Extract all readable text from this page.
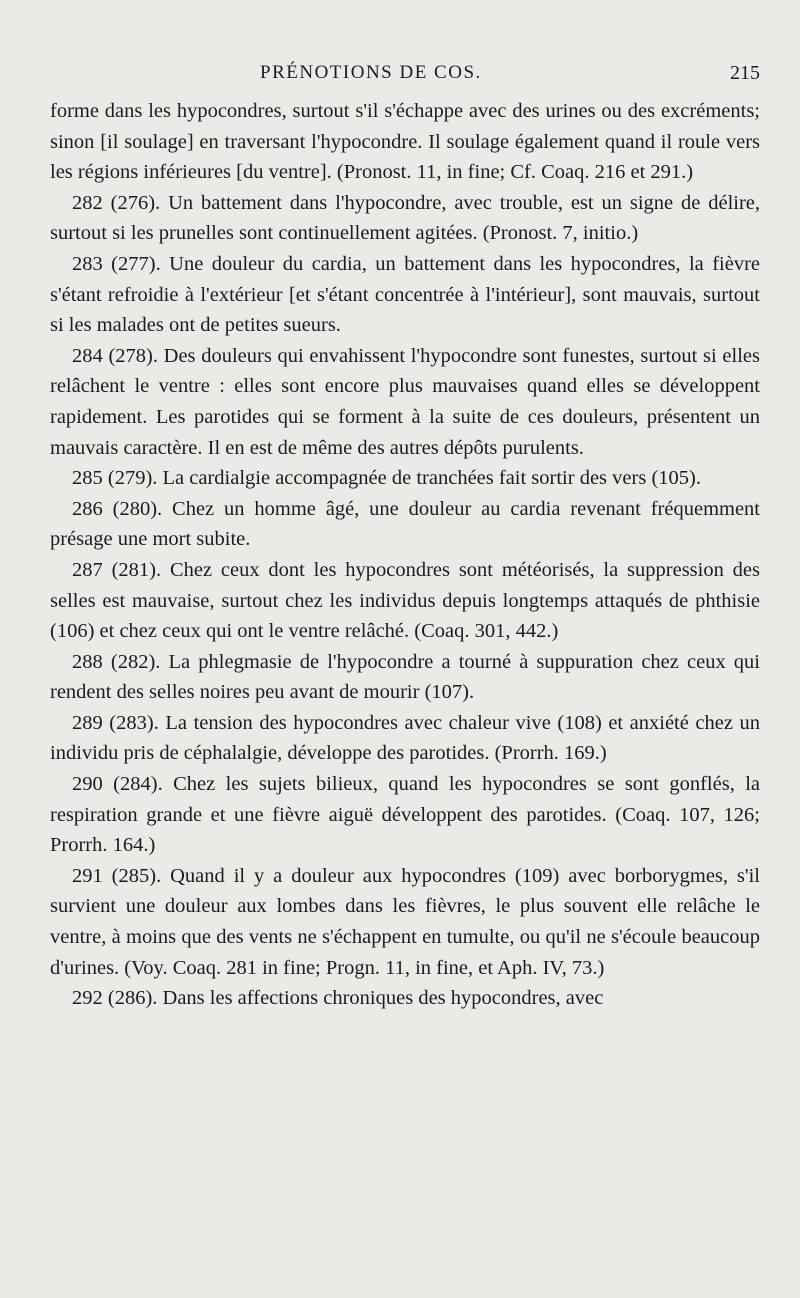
PRÉNOTIONS DE COS.	215

forme dans les hypocondres, surtout s'il s'échappe avec des urines ou des excréments; sinon [il soulage] en traversant l'hypocondre. Il soulage également quand il roule vers les régions inférieures [du ventre]. (Pronost. 11, in fine; Cf. Coaq. 216 et 291.)

282 (276). Un battement dans l'hypocondre, avec trouble, est un signe de délire, surtout si les prunelles sont continuellement agitées. (Pronost. 7, initio.)

283 (277). Une douleur du cardia, un battement dans les hypocondres, la fièvre s'étant refroidie à l'extérieur [et s'étant concentrée à l'intérieur], sont mauvais, surtout si les malades ont de petites sueurs.

284 (278). Des douleurs qui envahissent l'hypocondre sont funestes, surtout si elles relâchent le ventre : elles sont encore plus mauvaises quand elles se développent rapidement. Les parotides qui se forment à la suite de ces douleurs, présentent un mauvais caractère. Il en est de même des autres dépôts purulents.

285 (279). La cardialgie accompagnée de tranchées fait sortir des vers (105).

286 (280). Chez un homme âgé, une douleur au cardia revenant fréquemment présage une mort subite.

287 (281). Chez ceux dont les hypocondres sont météorisés, la suppression des selles est mauvaise, surtout chez les individus depuis longtemps attaqués de phthisie (106) et chez ceux qui ont le ventre relâché. (Coaq. 301, 442.)

288 (282). La phlegmasie de l'hypocondre a tourné à suppuration chez ceux qui rendent des selles noires peu avant de mourir (107).

289 (283). La tension des hypocondres avec chaleur vive (108) et anxiété chez un individu pris de céphalalgie, développe des parotides. (Prorrh. 169.)

290 (284). Chez les sujets bilieux, quand les hypocondres se sont gonflés, la respiration grande et une fièvre aiguë développent des parotides. (Coaq. 107, 126; Prorrh. 164.)

291 (285). Quand il y a douleur aux hypocondres (109) avec borborygmes, s'il survient une douleur aux lombes dans les fièvres, le plus souvent elle relâche le ventre, à moins que des vents ne s'échappent en tumulte, ou qu'il ne s'écoule beaucoup d'urines. (Voy. Coaq. 281 in fine; Progn. 11, in fine, et Aph. IV, 73.)

292 (286). Dans les affections chroniques des hypocondres, avec
